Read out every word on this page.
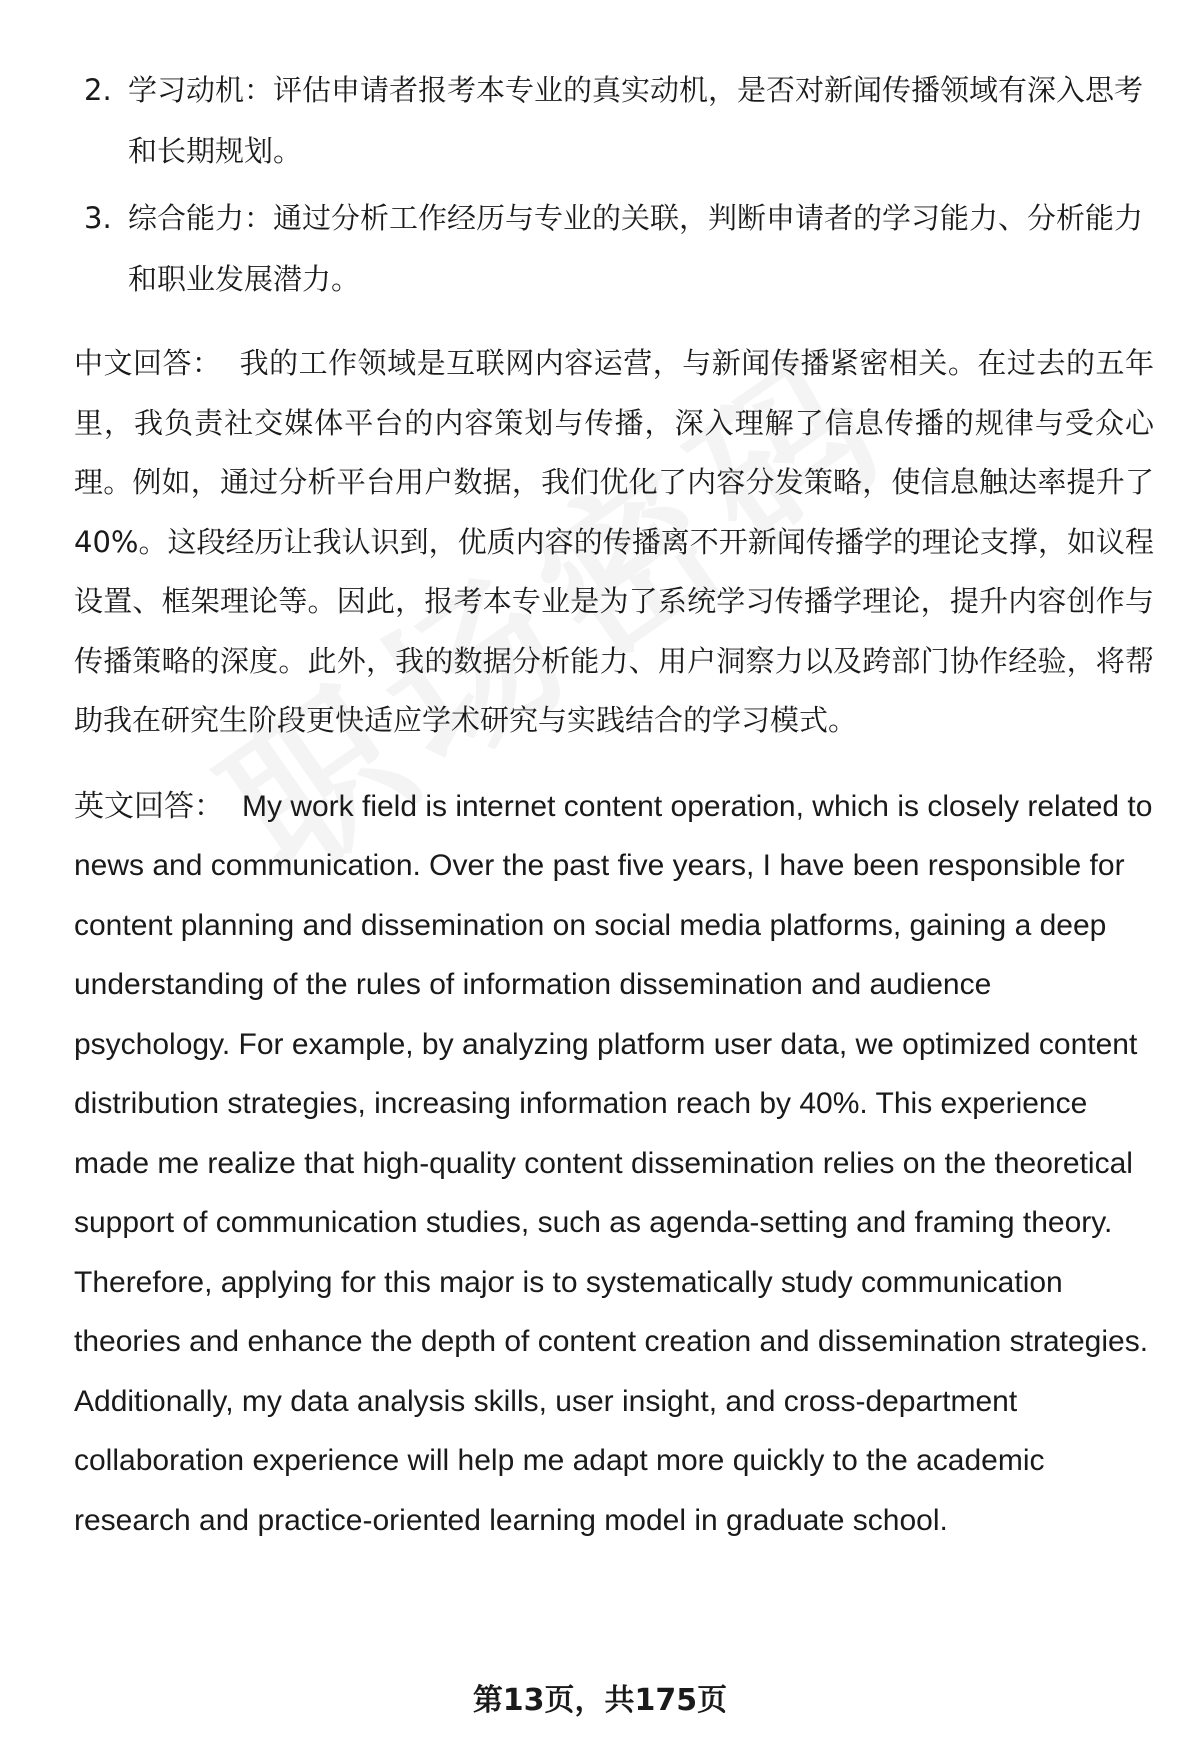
2. 学习动机：评估申请者报考本专业的真实动机，是否对新闻传播领域有深入思考和长期规划。
3. 综合能力：通过分析工作经历与专业的关联，判断申请者的学习能力、分析能力和职业发展潜力。

中文回答： 我的工作领域是互联网内容运营，与新闻传播紧密相关。在过去的五年里，我负责社交媒体平台的内容策划与传播，深入理解了信息传播的规律与受众心理。例如，通过分析平台用户数据，我们优化了内容分发策略，使信息触达率提升了40%。这段经历让我认识到，优质内容的传播离不开新闻传播学的理论支撑，如议程设置、框架理论等。因此，报考本专业是为了系统学习传播学理论，提升内容创作与传播策略的深度。此外，我的数据分析能力、用户洞察力以及跨部门协作经验，将帮助我在研究生阶段更快适应学术研究与实践结合的学习模式。

英文回答： My work field is internet content operation, which is closely related to news and communication. Over the past five years, I have been responsible for content planning and dissemination on social media platforms, gaining a deep understanding of the rules of information dissemination and audience psychology. For example, by analyzing platform user data, we optimized content distribution strategies, increasing information reach by 40%. This experience made me realize that high-quality content dissemination relies on the theoretical support of communication studies, such as agenda-setting and framing theory. Therefore, applying for this major is to systematically study communication theories and enhance the depth of content creation and dissemination strategies. Additionally, my data analysis skills, user insight, and cross-department collaboration experience will help me adapt more quickly to the academic research and practice-oriented learning model in graduate school.

第13页，共175页
